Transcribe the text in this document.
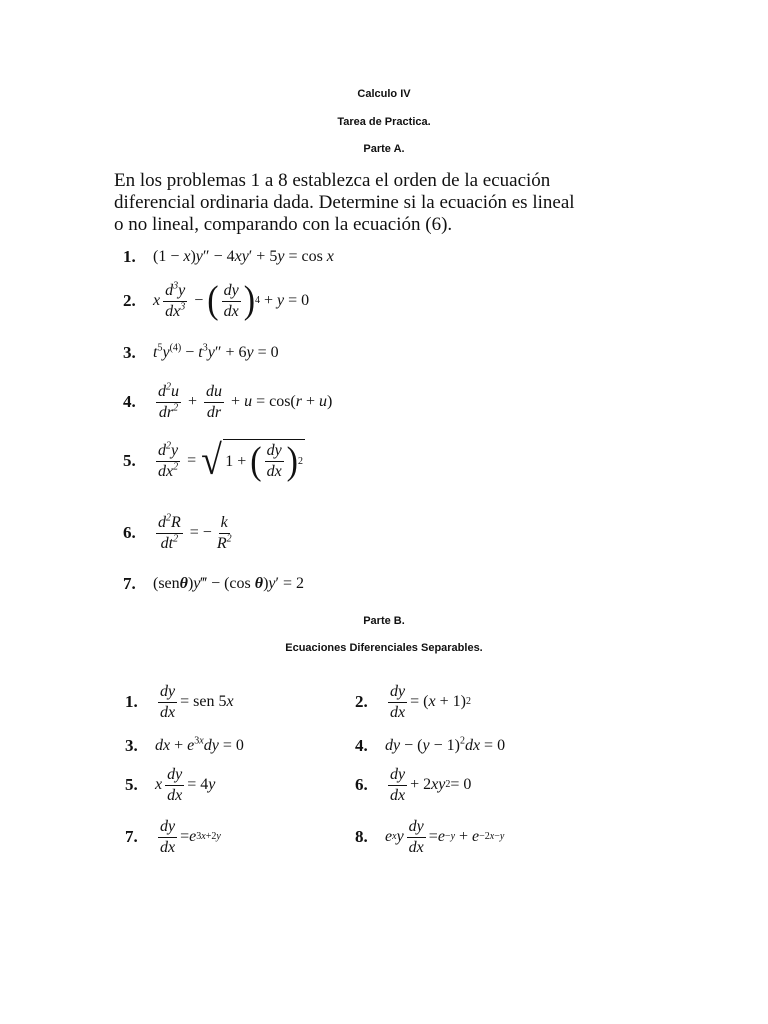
Calculo IV
Tarea de Practica.
Parte A.
En los problemas 1 a 8 establezca el orden de la ecuación diferencial ordinaria dada. Determine si la ecuación es lineal o no lineal, comparando con la ecuación (6).
1.	(1 − x)y″ − 4xy′ + 5y = cos x
2.	x $\frac{d^3y}{dx^3}$ − ( $\frac{dy}{dx}$ ) 4 + y = 0
3.	$t^5y^{(4)} - t^3y'' + 6y = 0$
4.	$\frac{d^2u}{dr^2} + \frac{du}{dr} + u = \cos$( r + u )
5.	$\frac{d^2y}{dx^2}$ = √ 1 + ( $\frac{dy}{dx}$ ) 2
6.	$\frac{d^2R}{dt^2}$ = − $\frac{k}{R^2}$
7.	(senθ)y‴ − (cos θ)y′ = 2
Parte B.
Ecuaciones Diferenciales Separables.
1.	$\frac{dy}{dx}$ = sen 5 x	2.	$\frac{dy}{dx}$ = ( x + 1) 2
3.	dx + $e^{3x}dy = 0$	4.	dy − $(y - 1)^2dx = 0$
5.	x $\frac{dy}{dx} = 4$ y	6.	$\frac{dy}{dx} + 2$ xy 2 = 0
7.	$\frac{dy}{dx} = e$ 3x+2y	8.	e x y $\frac{dy}{dx} = e -y + e -2x-y$
